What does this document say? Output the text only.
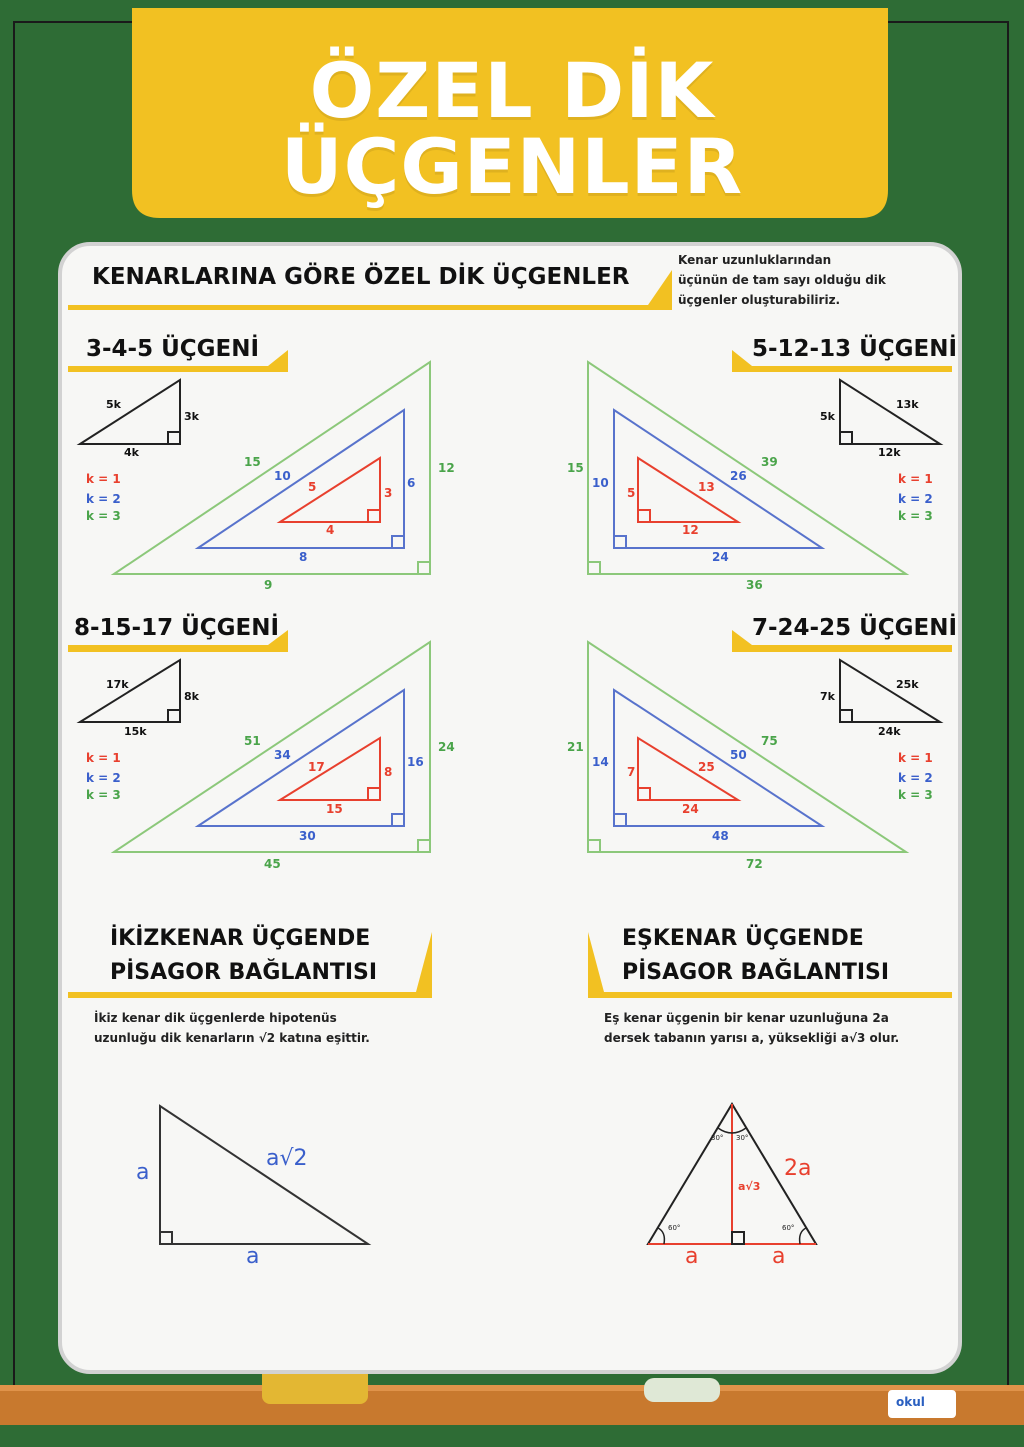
ÖZEL DİK
ÜÇGENLER
KENARLARINA GÖRE ÖZEL DİK ÜÇGENLER
Kenar uzunluklarından
üçünün de tam sayı olduğu dik
üçgenler oluşturabiliriz.
3-4-5 ÜÇGENİ
5k
3k
4k
k = 1
k = 2
k = 3
5	3
4
10	6
8
15	12
9
5-12-13 ÜÇGENİ
5k
13k
12k
k = 1
k = 2
k = 3
5	13
12
10	26
24
15	39
36
8-15-17 ÜÇGENİ
17k
8k
15k
k = 1
k = 2
k = 3
17	8
15
34	16
30
51	24
45
7-24-25 ÜÇGENİ
7k
25k
24k
k = 1
k = 2
k = 3
7	25
24
14	50
48
21	75
72
İKİZKENAR ÜÇGENDE
PİSAGOR BAĞLANTISI
İkiz kenar dik üçgenlerde hipotenüs
uzunluğu dik kenarların √2 katına eşittir.
a
a
a√2
EŞKENAR ÜÇGENDE
PİSAGOR BAĞLANTISI
Eş kenar üçgenin bir kenar uzunluğuna 2a
dersek tabanın yarısı a, yüksekliği a√3 olur.
2a
a√3
a	a
30° 30°
60°	60°
okul
